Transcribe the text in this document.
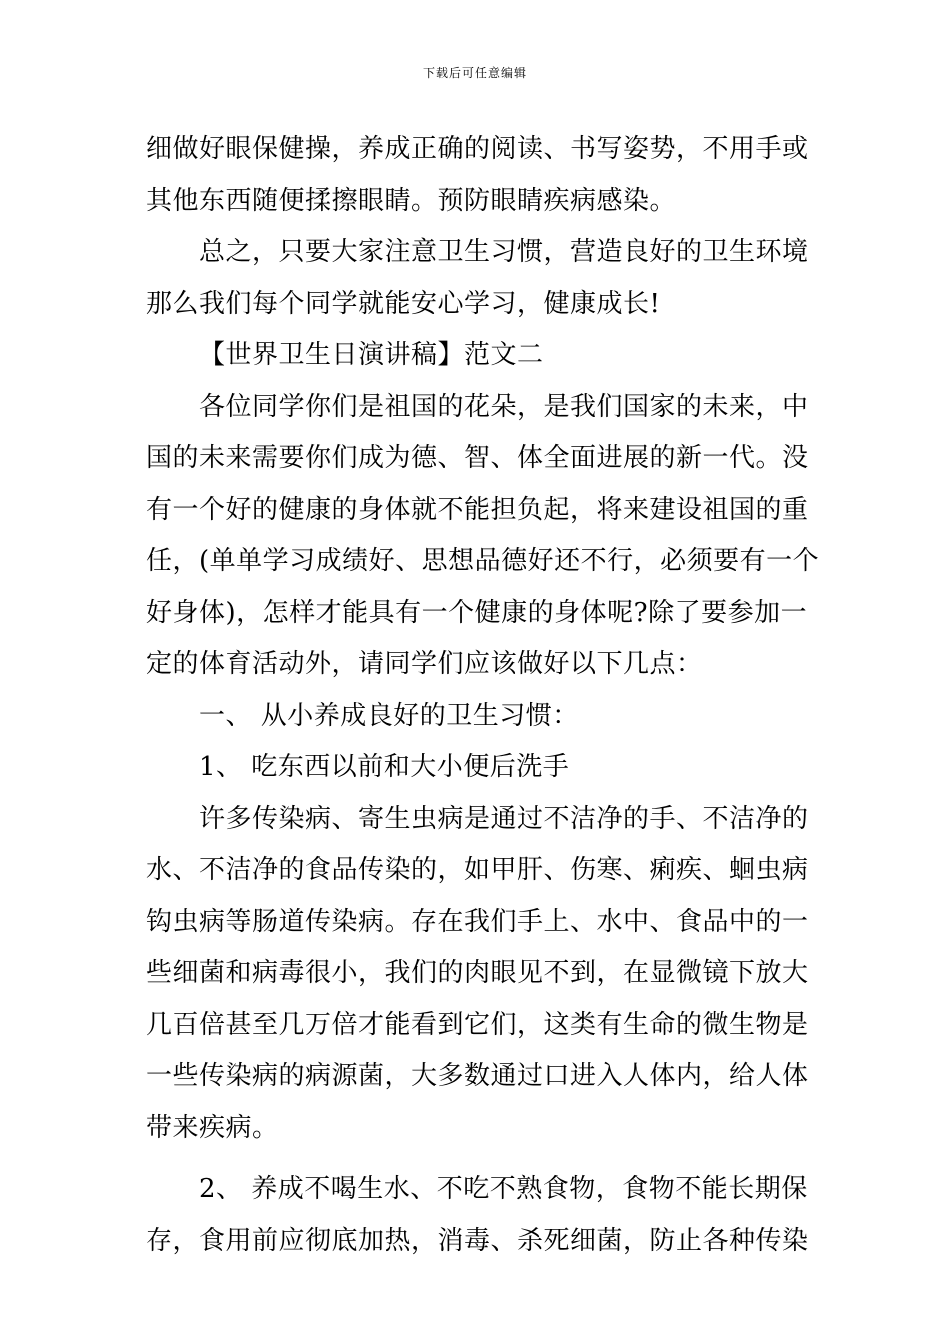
下载后可任意编辑
细做好眼保健操，养成正确的阅读、书写姿势，不用手或
其他东西随便揉擦眼睛。预防眼睛疾病感染。
总之，只要大家注意卫生习惯，营造良好的卫生环境
那么我们每个同学就能安心学习，健康成长!
【世界卫生日演讲稿】范文二
各位同学你们是祖国的花朵，是我们国家的未来，中
国的未来需要你们成为德、智、体全面进展的新一代。没
有一个好的健康的身体就不能担负起，将来建设祖国的重
任，(单单学习成绩好、思想品德好还不行，必须要有一个
好身体)，怎样才能具有一个健康的身体呢?除了要参加一
定的体育活动外，请同学们应该做好以下几点：
一、 从小养成良好的卫生习惯：
1、 吃东西以前和大小便后洗手
许多传染病、寄生虫病是通过不洁净的手、不洁净的
水、不洁净的食品传染的，如甲肝、伤寒、痢疾、蛔虫病
钩虫病等肠道传染病。存在我们手上、水中、食品中的一
些细菌和病毒很小，我们的肉眼见不到，在显微镜下放大
几百倍甚至几万倍才能看到它们，这类有生命的微生物是
一些传染病的病源菌，大多数通过口进入人体内，给人体
带来疾病。
2、 养成不喝生水、不吃不熟食物，食物不能长期保
存，食用前应彻底加热，消毒、杀死细菌，防止各种传染
